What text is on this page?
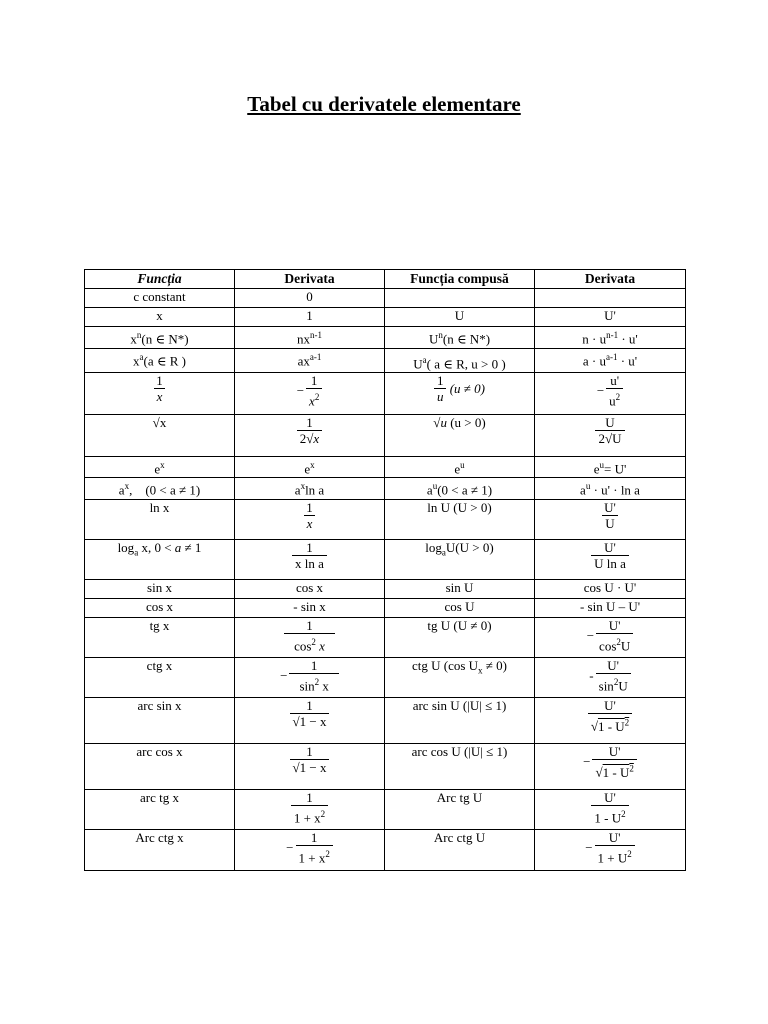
Tabel cu derivatele elementare
Funcția	Derivata	Funcția compusă	Derivata
c constant	0		
x	1	U	U'
$x^n(n$ ∈ N*)	$nx^{n-1}$	$U^n(n$ ∈ N*)	$n \cdot u^{n-1} \cdot u'$
$x^a(a$ ∈ R )	$ax^{a-1}$	$U^a$( a ∈ R, u > 0 )	$a \cdot u^{a-1} \cdot u'$

$\frac{1}{x}$	− $\frac{1}{x^2}$	$\frac{1}{u} (u \ne 0)$	− $\frac{u'}{u^2}$

√x	$\frac{1}{2√x}$	√u (u > 0)	$\frac{U}{2√U}$

$e^x$	$e^x$	$e^u$	$e^u= U'$
$a^x$,    (0 < a ≠ 1)	$a^x\ln$ a	$a^u(0 < a \ne 1)$	$a^u \cdot u' \cdot \ln a$
ln x	$\frac{1}{x}$	ln U (U > 0)	$\frac{U'}{U}$

$\log_a x$, 0 < a ≠ 1	$\frac{1}{\text{x ln a}}$	$\log_aU(U > 0)$	$\frac{U'}{\text{U ln a}}$

sin x	cos x	sin U	cos U · U'
cos x	- sin x	cos U	- sin U – U'
tg x	$\frac{1}{\cos^2 x}$	tg U (U ≠ 0)	− $\frac{U'}{\cos^2U}$

ctg x	− $\frac{1}{\sin^2 x}$	ctg U (cos $U_x \ne 0$)	- $\frac{U'}{\sin^2U}$

arc sin x	$\frac{1}{√1 - x}$	arc sin U (|U| ≤ 1)	$\frac{U'}{√1 - U^2}$

arc cos x	$\frac{1}{√1 - x}$	arc cos U (|U| ≤ 1)	− $\frac{U'}{√1 - U^2}$

arc tg x	$\frac{1}{1 + x^2}$	Arc tg U	$\frac{U'}{1 - U^2}$

Arc ctg x	− $\frac{1}{1 + x^2}$	Arc ctg U	− $\frac{U'}{1 + U^2}$
